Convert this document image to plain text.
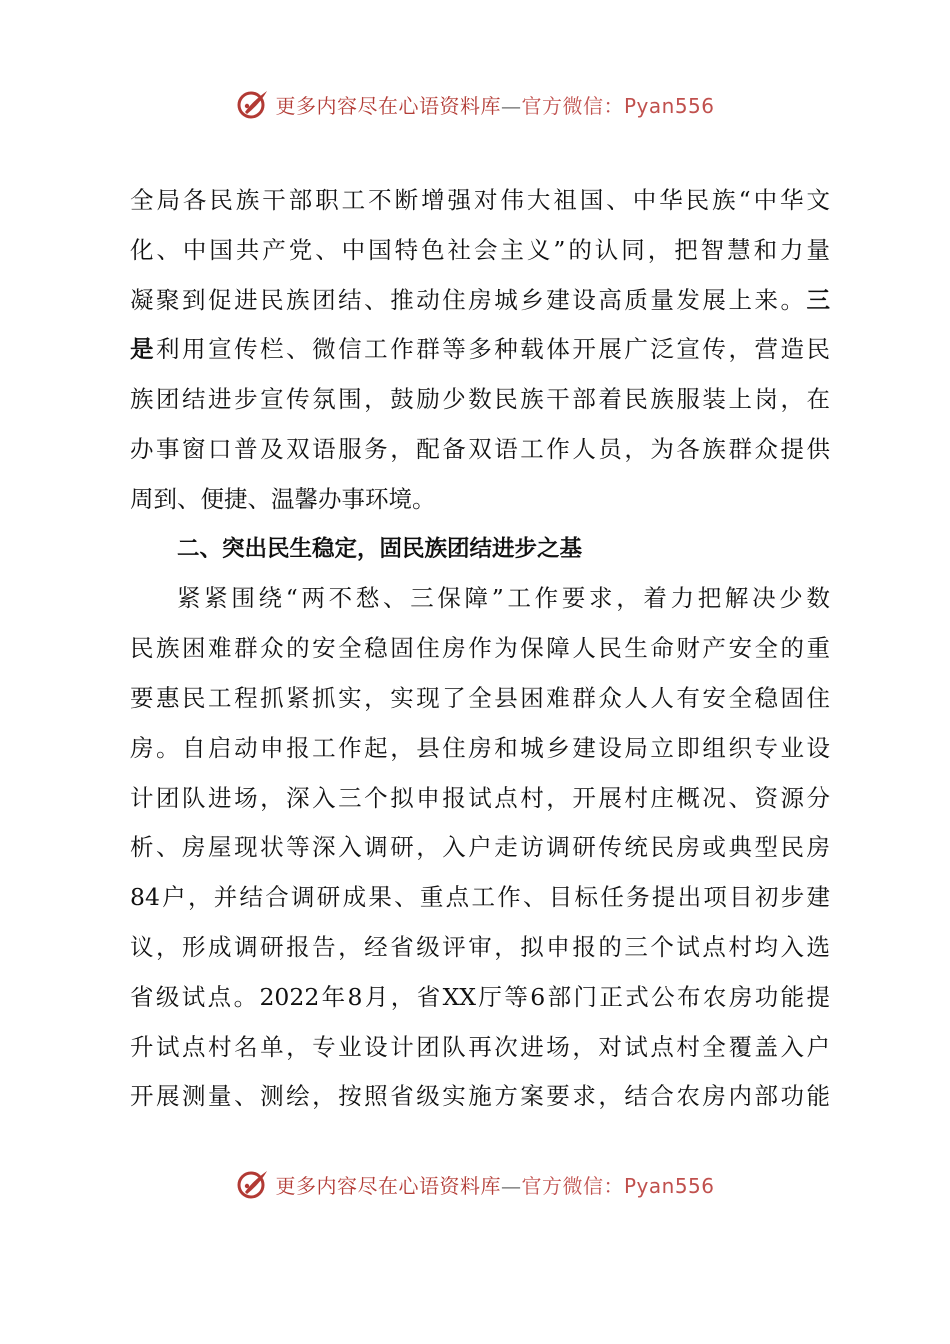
更多内容尽在心语资料库—官方微信：Pyan556
全局各民族干部职工不断增强对伟大祖国、中华民族“中华文
化、中国共产党、中国特色社会主义”的认同，把智慧和力量
凝聚到促进民族团结、推动住房城乡建设高质量发展上来。三
是利用宣传栏、微信工作群等多种载体开展广泛宣传，营造民
族团结进步宣传氛围，鼓励少数民族干部着民族服装上岗，在
办事窗口普及双语服务，配备双语工作人员，为各族群众提供
周到、便捷、温馨办事环境。
二、突出民生稳定，固民族团结进步之基
紧紧围绕“两不愁、三保障”工作要求，着力把解决少数
民族困难群众的安全稳固住房作为保障人民生命财产安全的重
要惠民工程抓紧抓实，实现了全县困难群众人人有安全稳固住
房。自启动申报工作起，县住房和城乡建设局立即组织专业设
计团队进场，深入三个拟申报试点村，开展村庄概况、资源分
析、房屋现状等深入调研，入户走访调研传统民房或典型民房
84户，并结合调研成果、重点工作、目标任务提出项目初步建
议，形成调研报告，经省级评审，拟申报的三个试点村均入选
省级试点。2022年8月，省XX厅等6部门正式公布农房功能提
升试点村名单，专业设计团队再次进场，对试点村全覆盖入户
开展测量、测绘，按照省级实施方案要求，结合农房内部功能
更多内容尽在心语资料库—官方微信：Pyan556
